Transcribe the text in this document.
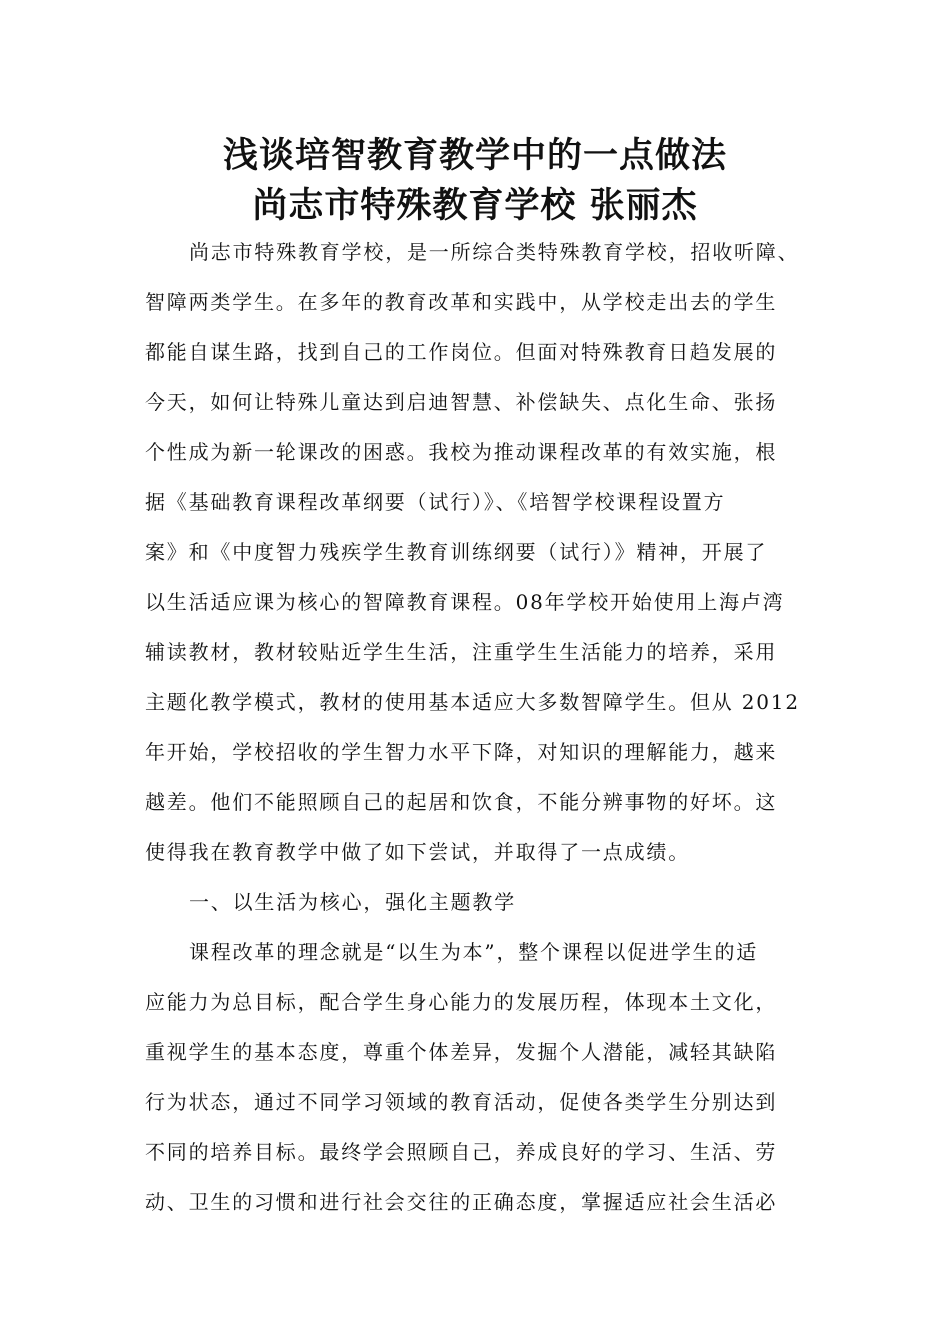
浅谈培智教育教学中的一点做法
尚志市特殊教育学校 张丽杰
尚志市特殊教育学校，是一所综合类特殊教育学校，招收听障、
智障两类学生。在多年的教育改革和实践中，从学校走出去的学生
都能自谋生路，找到自己的工作岗位。但面对特殊教育日趋发展的
今天，如何让特殊儿童达到启迪智慧、补偿缺失、点化生命、张扬
个性成为新一轮课改的困惑。我校为推动课程改革的有效实施，根
据《基础教育课程改革纲要（试行）》、《培智学校课程设置方
案》和《中度智力残疾学生教育训练纲要（试行）》精神，开展了
以生活适应课为核心的智障教育课程。08年学校开始使用上海卢湾
辅读教材，教材较贴近学生生活，注重学生生活能力的培养，采用
主题化教学模式，教材的使用基本适应大多数智障学生。但从 2012
年开始，学校招收的学生智力水平下降，对知识的理解能力，越来
越差。他们不能照顾自己的起居和饮食，不能分辨事物的好坏。这
使得我在教育教学中做了如下尝试，并取得了一点成绩。
一、以生活为核心，强化主题教学
课程改革的理念就是“以生为本”，整个课程以促进学生的适
应能力为总目标，配合学生身心能力的发展历程，体现本土文化，
重视学生的基本态度，尊重个体差异，发掘个人潜能，减轻其缺陷
行为状态，通过不同学习领域的教育活动，促使各类学生分别达到
不同的培养目标。最终学会照顾自己，养成良好的学习、生活、劳
动、卫生的习惯和进行社会交往的正确态度，掌握适应社会生活必
